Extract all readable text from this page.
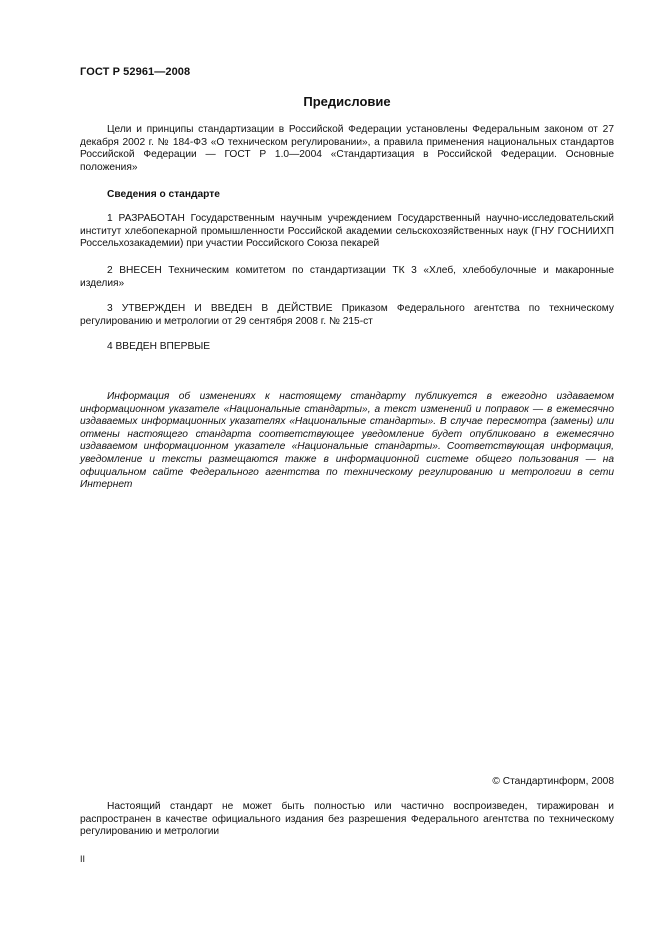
ГОСТ Р 52961—2008
Предисловие

Цели и принципы стандартизации в Российской Федерации установлены Федеральным законом от 27 декабря 2002 г. № 184-ФЗ «О техническом регулировании», а правила применения национальных стандартов Российской Федерации — ГОСТ Р 1.0—2004 «Стандартизация в Российской Федерации. Основные положения»

Сведения о стандарте

1 РАЗРАБОТАН Государственным научным учреждением Государственный научно-исследовательский институт хлебопекарной промышленности Российской академии сельскохозяйственных наук (ГНУ ГОСНИИХП Россельхозакадемии) при участии Российского Союза пекарей

2 ВНЕСЕН Техническим комитетом по стандартизации ТК 3 «Хлеб, хлебобулочные и макаронные изделия»

3 УТВЕРЖДЕН И ВВЕДЕН В ДЕЙСТВИЕ Приказом Федерального агентства по техническому регулированию и метрологии от 29 сентября 2008 г. № 215-ст

4 ВВЕДЕН ВПЕРВЫЕ

Информация об изменениях к настоящему стандарту публикуется в ежегодно издаваемом информационном указателе «Национальные стандарты», а текст изменений и поправок — в ежемесячно издаваемых информационных указателях «Национальные стандарты». В случае пересмотра (замены) или отмены настоящего стандарта соответствующее уведомление будет опубликовано в ежемесячно издаваемом информационном указателе «Национальные стандарты». Соответствующая информация, уведомление и тексты размещаются также в информационной системе общего пользования — на официальном сайте Федерального агентства по техническому регулированию и метрологии в сети Интернет

© Стандартинформ, 2008

Настоящий стандарт не может быть полностью или частично воспроизведен, тиражирован и распространен в качестве официального издания без разрешения Федерального агентства по техническому регулированию и метрологии

II
